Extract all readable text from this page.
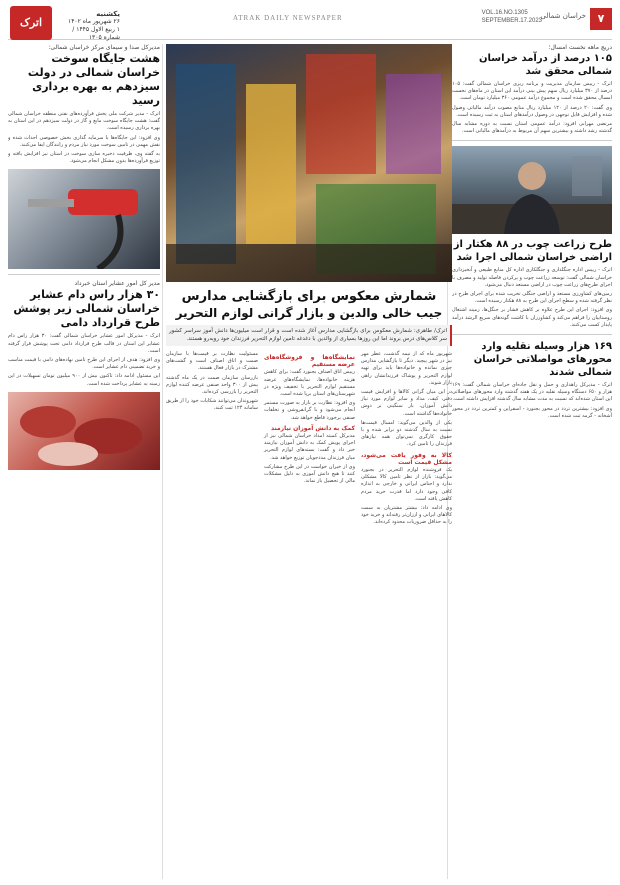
۷
خراسان شمالی
VOL.16.NO.1305
SEPTEMBER.17.2023
ATRAK DAILY NEWSPAPER
اترک
یکشنبه
۲۶ شهریور ماه ۱۴۰۲
۱ ربیع الاول ۱۴۴۵ / شماره ۱۳۰۵
دریچ ماهه نخست امسال؛
۱۰۵ درصد از درآمد خراسان شمالی محقق شد

اترک - رییس سازمان مدیریت و برنامه ریزی خراسان شمالی گفت: ۱۰۵ درصد از ۳۷۰ میلیارد ریال سهم پیش بینی درآمد این استان در ماه‌های نخست امسال محقق شده است و مجموع درآمد عمومی ۳۶۰ میلیارد تومان است.

وی گفت: ۲۰ درصد از ۱۲۰ میلیارد ریال منابع مصوب درآمد مالیاتی وصول شده و افزایش قابل توجهی در وصول درآمدهای استان به ثبت رسیده است.

مرتضی مهرابی افزود: درآمد عمومی استان نسبت به دوره مشابه سال گذشته رشد داشته و بیشترین سهم آن مربوط به درآمدهای مالیاتی است.

طرح زراعت چوب در ۸۸ هکتار از اراضی خراسان شمالی اجرا شد

اترک - رییس اداره جنگلداری و جنگلکاری اداره کل منابع طبیعی و آبخیزداری خراسان شمالی گفت: توسعه زراعت چوب و پرکردن فاصله تولید و مصرف با اجرای طرح‌های زراعت چوب در اراضی مستعد دنبال می‌شود.

زمین‌های کشاورزی مستعد و اراضی جنگلی تخریب شده برای اجرای طرح در نظر گرفته شده و سطح اجرای این طرح به ۸۸ هکتار رسیده است.

وی افزود: اجرای این طرح علاوه بر کاهش فشار بر جنگل‌ها، زمینه اشتغال روستاییان را فراهم می‌کند و کشاورزان با کاشت گونه‌های سریع الرشد درآمد پایدار کسب می‌کنند.

۱۶۹ هزار وسیله نقلیه وارد محورهای مواصلاتی خراسان شمالی شدند

اترک - مدیرکل راهداری و حمل و نقل جاده‌ای خراسان شمالی گفت: ۱۶۹ هزار و ۶۵۰ دستگاه وسیله نقلیه در یک هفته گذشته وارد محورهای مواصلاتی این استان شده‌اند که نسبت به مدت مشابه سال گذشته افزایش داشته است.

وی افزود: بیشترین تردد در محور بجنورد - اسفراین و کمترین تردد در محور آشخانه - گرمه ثبت شده است.

شمارش معکوس برای بازگشایی مدارس
جیب خالی والدین و بازار گرانی لوازم التحریر
اترک/ طاهری: شمارش معکوس برای بازگشایی مدارس آغاز شده است و قرار است میلیون‌ها دانش آموز سراسر کشور سر کلاس‌های درس بروند اما این روزها بسیاری از والدین با دغدغه تامین لوازم التحریر فرزندان خود روبه‌رو هستند.

شهریور ماه که از نیمه گذشت، عطر مهر نیز در شهر پیچید. دیگر تا بازگشایی مدارس چیزی نمانده و خانواده‌ها باید برای تهیه لوازم التحریر و پوشاک فرزندانشان راهی بازار شوند.

در این میان گرانی کالاها و افزایش قیمت دفتر، کیف، مداد و سایر لوازم مورد نیاز دانش آموزان، بار سنگینی بر دوش خانواده‌ها گذاشته است.

یکی از والدین می‌گوید: امسال قیمت‌ها نسبت به سال گذشته دو برابر شده و با حقوق کارگری نمی‌توان همه نیازهای فرزندان را تامین کرد.

کالا به وفور یافت می‌شود، مشکل قیمت است

یک فروشنده لوازم التحریر در بجنورد می‌گوید: بازار از نظر تامین کالا مشکلی ندارد و اجناس ایرانی و خارجی به اندازه کافی وجود دارد اما قدرت خرید مردم کاهش یافته است.

وی ادامه داد: بیشتر مشتریان به سمت کالاهای ایرانی و ارزان‌تر رفته‌اند و خرید خود را به حداقل ضروریات محدود کرده‌اند.

نمایشگاه‌ها و فروشگاه‌های عرضه مستقیم

رییس اتاق اصناف بجنورد گفت: برای کاهش هزینه خانواده‌ها، نمایشگاه‌های عرضه مستقیم لوازم التحریر با تخفیف ویژه در شهرستان‌های استان برپا شده است.

وی افزود: نظارت بر بازار به صورت مستمر انجام می‌شود و با گرانفروشی و تخلفات صنفی برخورد قاطع خواهد شد.

کمک به دانش آموزان نیازمند

مدیرکل کمیته امداد خراسان شمالی نیز از اجرای پویش کمک به دانش آموزان نیازمند خبر داد و گفت: بسته‌های لوازم التحریر میان فرزندان مددجویان توزیع خواهد شد.

وی از خیران خواست در این طرح مشارکت کنند تا هیچ دانش آموزی به دلیل مشکلات مالی از تحصیل باز نماند.

مسئولیت نظارت بر قیمت‌ها با سازمان صمت و اتاق اصناف است و گشت‌های مشترک در بازار فعال هستند.

بازرسان سازمان صمت در یک ماه گذشته بیش از ۳۰۰ واحد صنفی عرضه کننده لوازم التحریر را بازرسی کرده‌اند.

شهروندان می‌توانند شکایات خود را از طریق سامانه ۱۲۴ ثبت کنند.

مدیرکل صدا و سیمای مرکز خراسان شمالی:
هشت جایگاه سوخت خراسان شمالی در دولت سیزدهم به بهره برداری رسید

اترک - مدیر شرکت ملی پخش فرآورده‌های نفتی منطقه خراسان شمالی گفت: هشت جایگاه سوخت مایع و گاز در دولت سیزدهم در این استان به بهره برداری رسیده است.

وی افزود: این جایگاه‌ها با سرمایه گذاری بخش خصوصی احداث شده و نقش مهمی در تامین سوخت مورد نیاز مردم و رانندگان ایفا می‌کنند.

به گفته وی، ظرفیت ذخیره سازی سوخت در استان نیز افزایش یافته و توزیع فرآورده‌ها بدون مشکل انجام می‌شود.

مدیر کل امور عشایر استان خبرداد
۳۰ هزار راس دام عشایر خراسان شمالی زیر پوشش طرح قرارداد دامی

اترک - مدیرکل امور عشایر خراسان شمالی گفت: ۳۰ هزار راس دام عشایر این استان در قالب طرح قرارداد دامی تحت پوشش قرار گرفته است.

وی افزود: هدف از اجرای این طرح تامین نهاده‌های دامی با قیمت مناسب و خرید تضمینی دام عشایر است.

این مسئول ادامه داد: تاکنون بیش از ۹۰۰ میلیون تومان تسهیلات در این زمینه به عشایر پرداخت شده است.
